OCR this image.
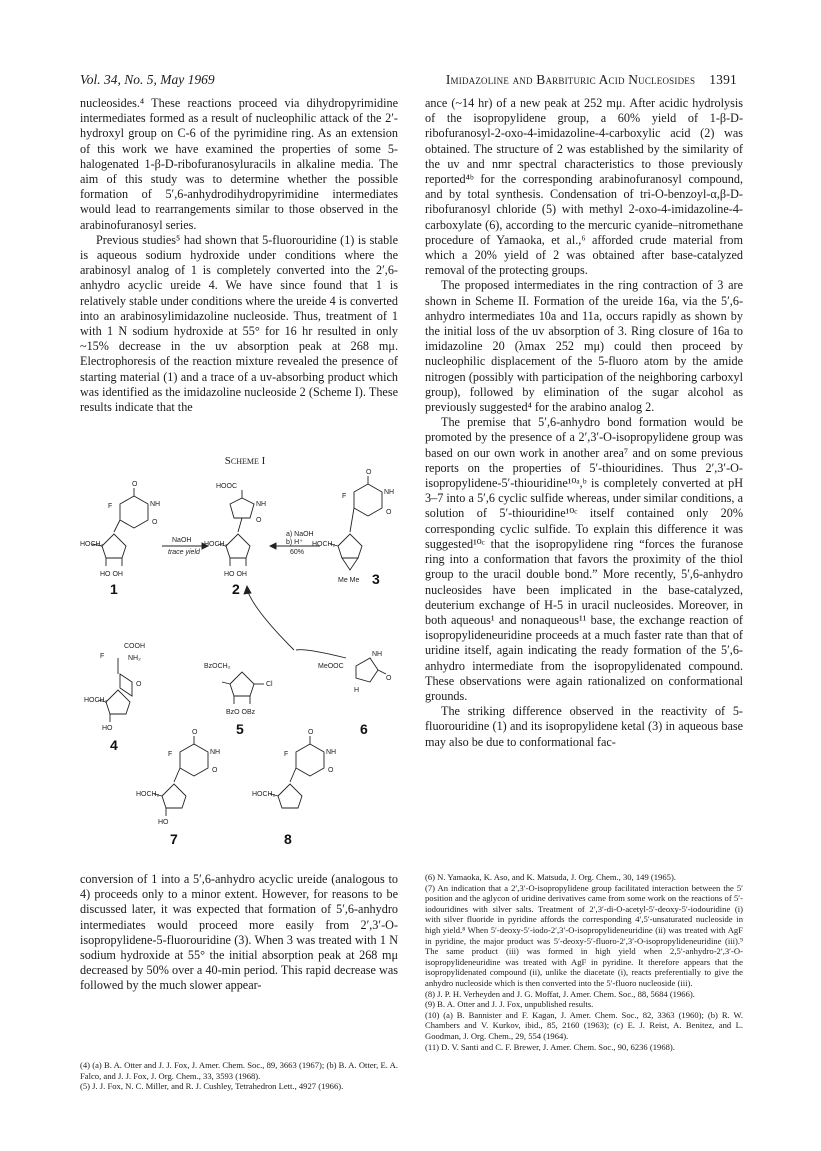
Vol. 34, No. 5, May 1969	Imidazoline and Barbituric Acid Nucleosides 1391

nucleosides.⁴ These reactions proceed via dihydropyrimidine intermediates formed as a result of nucleophilic attack of the 2′-hydroxyl group on C-6 of the pyrimidine ring. As an extension of this work we have examined the properties of some 5-halogenated 1-β-D-ribofuranosyluracils in alkaline media. The aim of this study was to determine whether the possible formation of 5′,6-anhydrodihydropyrimidine intermediates would lead to rearrangements similar to those observed in the arabinofuranosyl series.

Previous studies⁵ had shown that 5-fluorouridine (1) is stable is aqueous sodium hydroxide under conditions where the arabinosyl analog of 1 is completely converted into the 2′,6-anhydro acyclic ureide 4. We have since found that 1 is relatively stable under conditions where the ureide 4 is converted into an arabinosylimidazoline nucleoside. Thus, treatment of 1 with 1 N sodium hydroxide at 55° for 16 hr resulted in only ~15% decrease in the uv absorption peak at 268 mμ. Electrophoresis of the reaction mixture revealed the presence of starting material (1) and a trace of a uv-absorbing product which was identified as the imidazoline nucleoside 2 (Scheme I). These results indicate that the

Scheme I
F
O
NH
O
HOCH₂
HO OH
1
NaOH
trace yield
HOOC
NH
O
HOCH₂
HO OH
2
a) NaOH
b) H⁺
60%
F
O
NH
O
HOCH₂
Me Me 3
F
COOH
NH₂
O
HOCH₂
HO
4
BzOCH₂
Cl
BzO OBz
5
MeOOC
NH
O
H
6
F
O
NH
O
HOCH₂
HO
7
F
O
NH
O
HOCH₂
8

conversion of 1 into a 5′,6-anhydro acyclic ureide (analogous to 4) proceeds only to a minor extent. However, for reasons to be discussed later, it was expected that formation of 5′,6-anhydro intermediates would proceed more easily from 2′,3′-O-isopropylidene-5-fluorouridine (3). When 3 was treated with 1 N sodium hydroxide at 55° the initial absorption peak at 268 mμ decreased by 50% over a 40-min period. This rapid decrease was followed by the much slower appear-

(4) (a) B. A. Otter and J. J. Fox, J. Amer. Chem. Soc., 89, 3663 (1967); (b) B. A. Otter, E. A. Falco, and J. J. Fox, J. Org. Chem., 33, 3593 (1968).

(5) J. J. Fox, N. C. Miller, and R. J. Cushley, Tetrahedron Lett., 4927 (1966).

ance (~14 hr) of a new peak at 252 mμ. After acidic hydrolysis of the isopropylidene group, a 60% yield of 1-β-D-ribofuranosyl-2-oxo-4-imidazoline-4-carboxylic acid (2) was obtained. The structure of 2 was established by the similarity of the uv and nmr spectral characteristics to those previously reported⁴ᵇ for the corresponding arabinofuranosyl compound, and by total synthesis. Condensation of tri-O-benzoyl-α,β-D-ribofuranosyl chloride (5) with methyl 2-oxo-4-imidazoline-4-carboxylate (6), according to the mercuric cyanide–nitromethane procedure of Yamaoka, et al.,⁶ afforded crude material from which a 20% yield of 2 was obtained after base-catalyzed removal of the protecting groups.

The proposed intermediates in the ring contraction of 3 are shown in Scheme II. Formation of the ureide 16a, via the 5′,6-anhydro intermediates 10a and 11a, occurs rapidly as shown by the initial loss of the uv absorption of 3. Ring closure of 16a to imidazoline 20 (λmax 252 mμ) could then proceed by nucleophilic displacement of the 5-fluoro atom by the amide nitrogen (possibly with participation of the neighboring carboxyl group), followed by elimination of the sugar alcohol as previously suggested⁴ for the arabino analog 2.

The premise that 5′,6-anhydro bond formation would be promoted by the presence of a 2′,3′-O-isopropylidene group was based on our own work in another area⁷ and on some previous reports on the properties of 5′-thiouridines. Thus 2′,3′-O-isopropylidene-5′-thiouridine¹⁰ᵃ,ᵇ is completely converted at pH 3–7 into a 5′,6 cyclic sulfide whereas, under similar conditions, a solution of 5′-thiouridine¹⁰ᶜ itself contained only 20% corresponding cyclic sulfide. To explain this difference it was suggested¹⁰ᶜ that the isopropylidene ring “forces the furanose ring into a conformation that favors the proximity of the thiol group to the uracil double bond.” More recently, 5′,6-anhydro nucleosides have been implicated in the base-catalyzed, deuterium exchange of H-5 in uracil nucleosides. Moreover, in both aqueous¹ and nonaqueous¹¹ base, the exchange reaction of isopropylideneuridine proceeds at a much faster rate than that of uridine itself, again indicating the ready formation of the 5′,6-anhydro intermediate from the isopropylidenated compound. These observations were again rationalized on conformational grounds.

The striking difference observed in the reactivity of 5-fluorouridine (1) and its isopropylidene ketal (3) in aqueous base may also be due to conformational fac-

(6) N. Yamaoka, K. Aso, and K. Matsuda, J. Org. Chem., 30, 149 (1965).

(7) An indication that a 2′,3′-O-isopropylidene group facilitated interaction between the 5′ position and the aglycon of uridine derivatives came from some work on the reactions of 5′-iodouridines with silver salts. Treatment of 2′,3′-di-O-acetyl-5′-deoxy-5′-iodouridine (i) with silver fluoride in pyridine affords the corresponding 4′,5′-unsaturated nucleoside in high yield.⁸ When 5′-deoxy-5′-iodo-2′,3′-O-isopropylideneuridine (ii) was treated with AgF in pyridine, the major product was 5′-deoxy-5′-fluoro-2′,3′-O-isopropylideneuridine (iii).⁹ The same product (iii) was formed in high yield when 2,5′-anhydro-2′,3′-O-isopropylideneuridine was treated with AgF in pyridine. It therefore appears that the isopropylidenated compound (ii), unlike the diacetate (i), reacts preferentially to give the anhydro nucleoside which is then converted into the 5′-fluoro nucleoside (iii).

(8) J. P. H. Verheyden and J. G. Moffat, J. Amer. Chem. Soc., 88, 5684 (1966).

(9) B. A. Otter and J. J. Fox, unpublished results.

(10) (a) B. Bannister and F. Kagan, J. Amer. Chem. Soc., 82, 3363 (1960); (b) R. W. Chambers and V. Kurkov, ibid., 85, 2160 (1963); (c) E. J. Reist, A. Benitez, and L. Goodman, J. Org. Chem., 29, 554 (1964).

(11) D. V. Santi and C. F. Brewer, J. Amer. Chem. Soc., 90, 6236 (1968).
